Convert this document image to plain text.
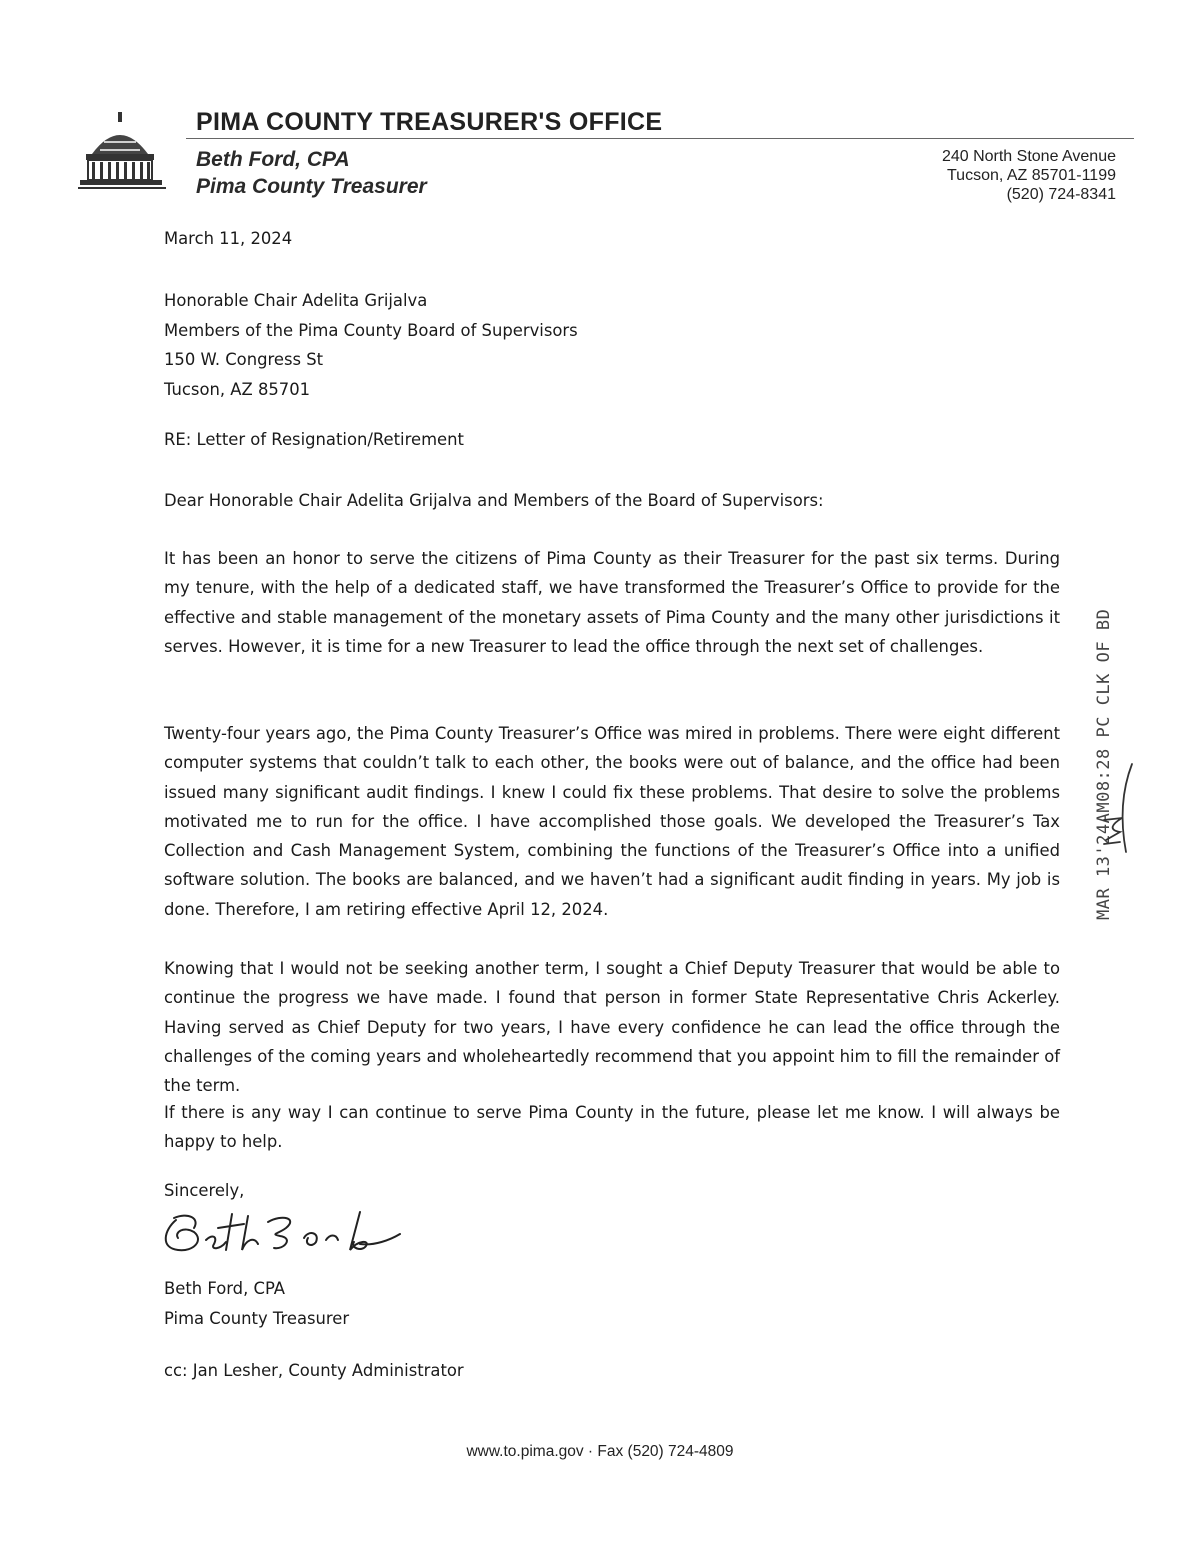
PIMA COUNTY TREASURER'S OFFICE
Beth Ford, CPA
Pima County Treasurer
240 North Stone Avenue
Tucson, AZ 85701-1199
(520) 724-8341
March 11, 2024
Honorable Chair Adelita Grijalva
Members of the Pima County Board of Supervisors
150 W. Congress St
Tucson, AZ 85701
RE: Letter of Resignation/Retirement
Dear Honorable Chair Adelita Grijalva and Members of the Board of Supervisors:
It has been an honor to serve the citizens of Pima County as their Treasurer for the past six terms. During my tenure, with the help of a dedicated staff, we have transformed the Treasurer’s Office to provide for the effective and stable management of the monetary assets of Pima County and the many other jurisdictions it serves. However, it is time for a new Treasurer to lead the office through the next set of challenges.
Twenty-four years ago, the Pima County Treasurer’s Office was mired in problems. There were eight different computer systems that couldn’t talk to each other, the books were out of balance, and the office had been issued many significant audit findings. I knew I could fix these problems. That desire to solve the problems motivated me to run for the office. I have accomplished those goals. We developed the Treasurer’s Tax Collection and Cash Management System, combining the functions of the Treasurer’s Office into a unified software solution. The books are balanced, and we haven’t had a significant audit finding in years. My job is done. Therefore, I am retiring effective April 12, 2024.
Knowing that I would not be seeking another term, I sought a Chief Deputy Treasurer that would be able to continue the progress we have made. I found that person in former State Representative Chris Ackerley. Having served as Chief Deputy for two years, I have every confidence he can lead the office through the challenges of the coming years and wholeheartedly recommend that you appoint him to fill the remainder of the term.
If there is any way I can continue to serve Pima County in the future, please let me know. I will always be happy to help.
Sincerely,
Beth Ford, CPA
Pima County Treasurer
cc: Jan Lesher, County Administrator
MAR 13'24AM08:28 PC CLK OF BD
www.to.pima.gov · Fax (520) 724-4809
